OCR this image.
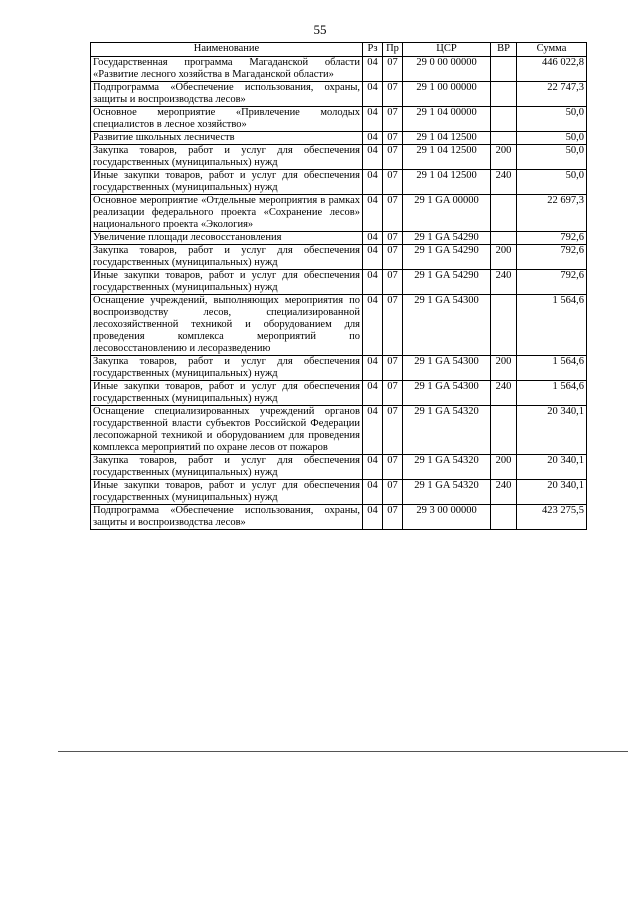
55
Наименование	Рз	Пр	ЦСР	ВР	Сумма
Государственная программа Магаданской области «Развитие лесного хозяйства в Магаданской области»	04	07	29 0 00 00000		446 022,8
Подпрограмма «Обеспечение использования, охраны, защиты и воспроизводства лесов»	04	07	29 1 00 00000		22 747,3
Основное мероприятие «Привлечение молодых специалистов в лесное хозяйство»	04	07	29 1 04 00000		50,0
Развитие школьных лесничеств	04	07	29 1 04 12500		50,0
Закупка товаров, работ и услуг для обеспечения государственных (муниципальных) нужд	04	07	29 1 04 12500	200	50,0
Иные закупки товаров, работ и услуг для обеспечения государственных (муниципальных) нужд	04	07	29 1 04 12500	240	50,0
Основное мероприятие «Отдельные мероприятия в рамках реализации федерального проекта «Сохранение лесов» национального проекта «Экология»	04	07	29 1 GA 00000		22 697,3
Увеличение площади лесовосстановления	04	07	29 1 GA 54290		792,6
Закупка товаров, работ и услуг для обеспечения государственных (муниципальных) нужд	04	07	29 1 GA 54290	200	792,6
Иные закупки товаров, работ и услуг для обеспечения государственных (муниципальных) нужд	04	07	29 1 GA 54290	240	792,6
Оснащение учреждений, выполняющих мероприятия по воспроизводству лесов, специализированной лесохозяйственной техникой и оборудованием для проведения комплекса мероприятий по лесовосстановлению и лесоразведению	04	07	29 1 GA 54300		1 564,6
Закупка товаров, работ и услуг для обеспечения государственных (муниципальных) нужд	04	07	29 1 GA 54300	200	1 564,6
Иные закупки товаров, работ и услуг для обеспечения государственных (муниципальных) нужд	04	07	29 1 GA 54300	240	1 564,6
Оснащение специализированных учреждений органов государственной власти субъектов Российской Федерации лесопожарной техникой и оборудованием для проведения комплекса мероприятий по охране лесов от пожаров	04	07	29 1 GA 54320		20 340,1
Закупка товаров, работ и услуг для обеспечения государственных (муниципальных) нужд	04	07	29 1 GA 54320	200	20 340,1
Иные закупки товаров, работ и услуг для обеспечения государственных (муниципальных) нужд	04	07	29 1 GA 54320	240	20 340,1
Подпрограмма «Обеспечение использования, охраны, защиты и воспроизводства лесов»	04	07	29 3 00 00000		423 275,5
